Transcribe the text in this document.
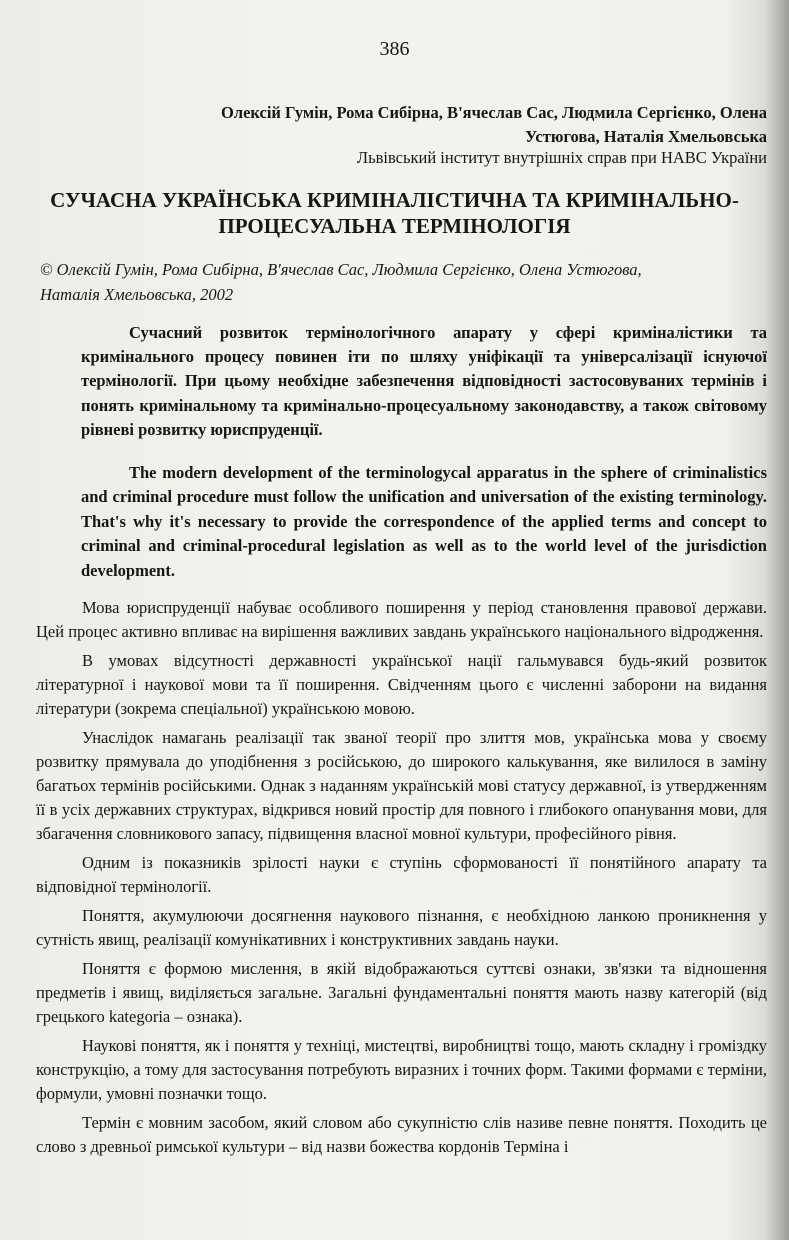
386
Олексій Гумін, Рома Сибірна, В'ячеслав Сас, Людмила Сергієнко, Олена
Устюгова, Наталія Хмельовська
Львівський інститут внутрішніх справ при НАВС України
СУЧАСНА УКРАЇНСЬКА КРИМІНАЛІСТИЧНА ТА КРИМІНАЛЬНО-
ПРОЦЕСУАЛЬНА ТЕРМІНОЛОГІЯ
© Олексій Гумін, Рома Сибірна, В'ячеслав Сас, Людмила Сергієнко, Олена Устюгова,
Наталія Хмельовська, 2002

Сучасний розвиток термінологічного апарату у сфері криміналістики та кримінального процесу повинен іти по шляху уніфікації та універсалізації існуючої термінології. При цьому необхідне забезпечення відповідності застосовуваних термінів і понять кримінальному та кримінально-процесуальному законодавству, а також світовому рівневі розвитку юриспруденції.

The modern development of the terminologycal apparatus in the sphere of criminalistics and criminal procedure must follow the unification and universation of the existing terminology. That's why it's necessary to provide the correspondence of the applied terms and concept to criminal and criminal-procedural legislation as well as to the world level of the jurisdiction development.

Мова юриспруденції набуває особливого поширення у період становлення правової держави. Цей процес активно впливає на вирішення важливих завдань українського національного відродження.

В умовах відсутності державності української нації гальмувався будь-який розвиток літературної і наукової мови та її поширення. Свідченням цього є численні заборони на видання літератури (зокрема спеціальної) українською мовою.

Унаслідок намагань реалізації так званої теорії про злиття мов, українська мова у своєму розвитку прямувала до уподібнення з російською, до широкого калькування, яке вилилося в заміну багатьох термінів російськими. Однак з наданням українській мові статусу державної, із утвердженням її в усіх державних структурах, відкрився новий простір для повного і глибокого опанування мови, для збагачення словникового запасу, підвищення власної мовної культури, професійного рівня.

Одним із показників зрілості науки є ступінь сформованості її понятійного апарату та відповідної термінології.

Поняття, акумулюючи досягнення наукового пізнання, є необхідною ланкою проникнення у сутність явищ, реалізації комунікативних і конструктивних завдань науки.

Поняття є формою мислення, в якій відображаються суттєві ознаки, зв'язки та відношення предметів і явищ, виділяється загальне. Загальні фундаментальні поняття мають назву категорій (від грецького kategoria – ознака).

Наукові поняття, як і поняття у техніці, мистецтві, виробництві тощо, мають складну і громіздку конструкцію, а тому для застосування потребують виразних і точних форм. Такими формами є терміни, формули, умовні позначки тощо.

Термін є мовним засобом, який словом або сукупністю слів називе певне поняття. Походить це слово з древньої римської культури – від назви божества кордонів Терміна і
